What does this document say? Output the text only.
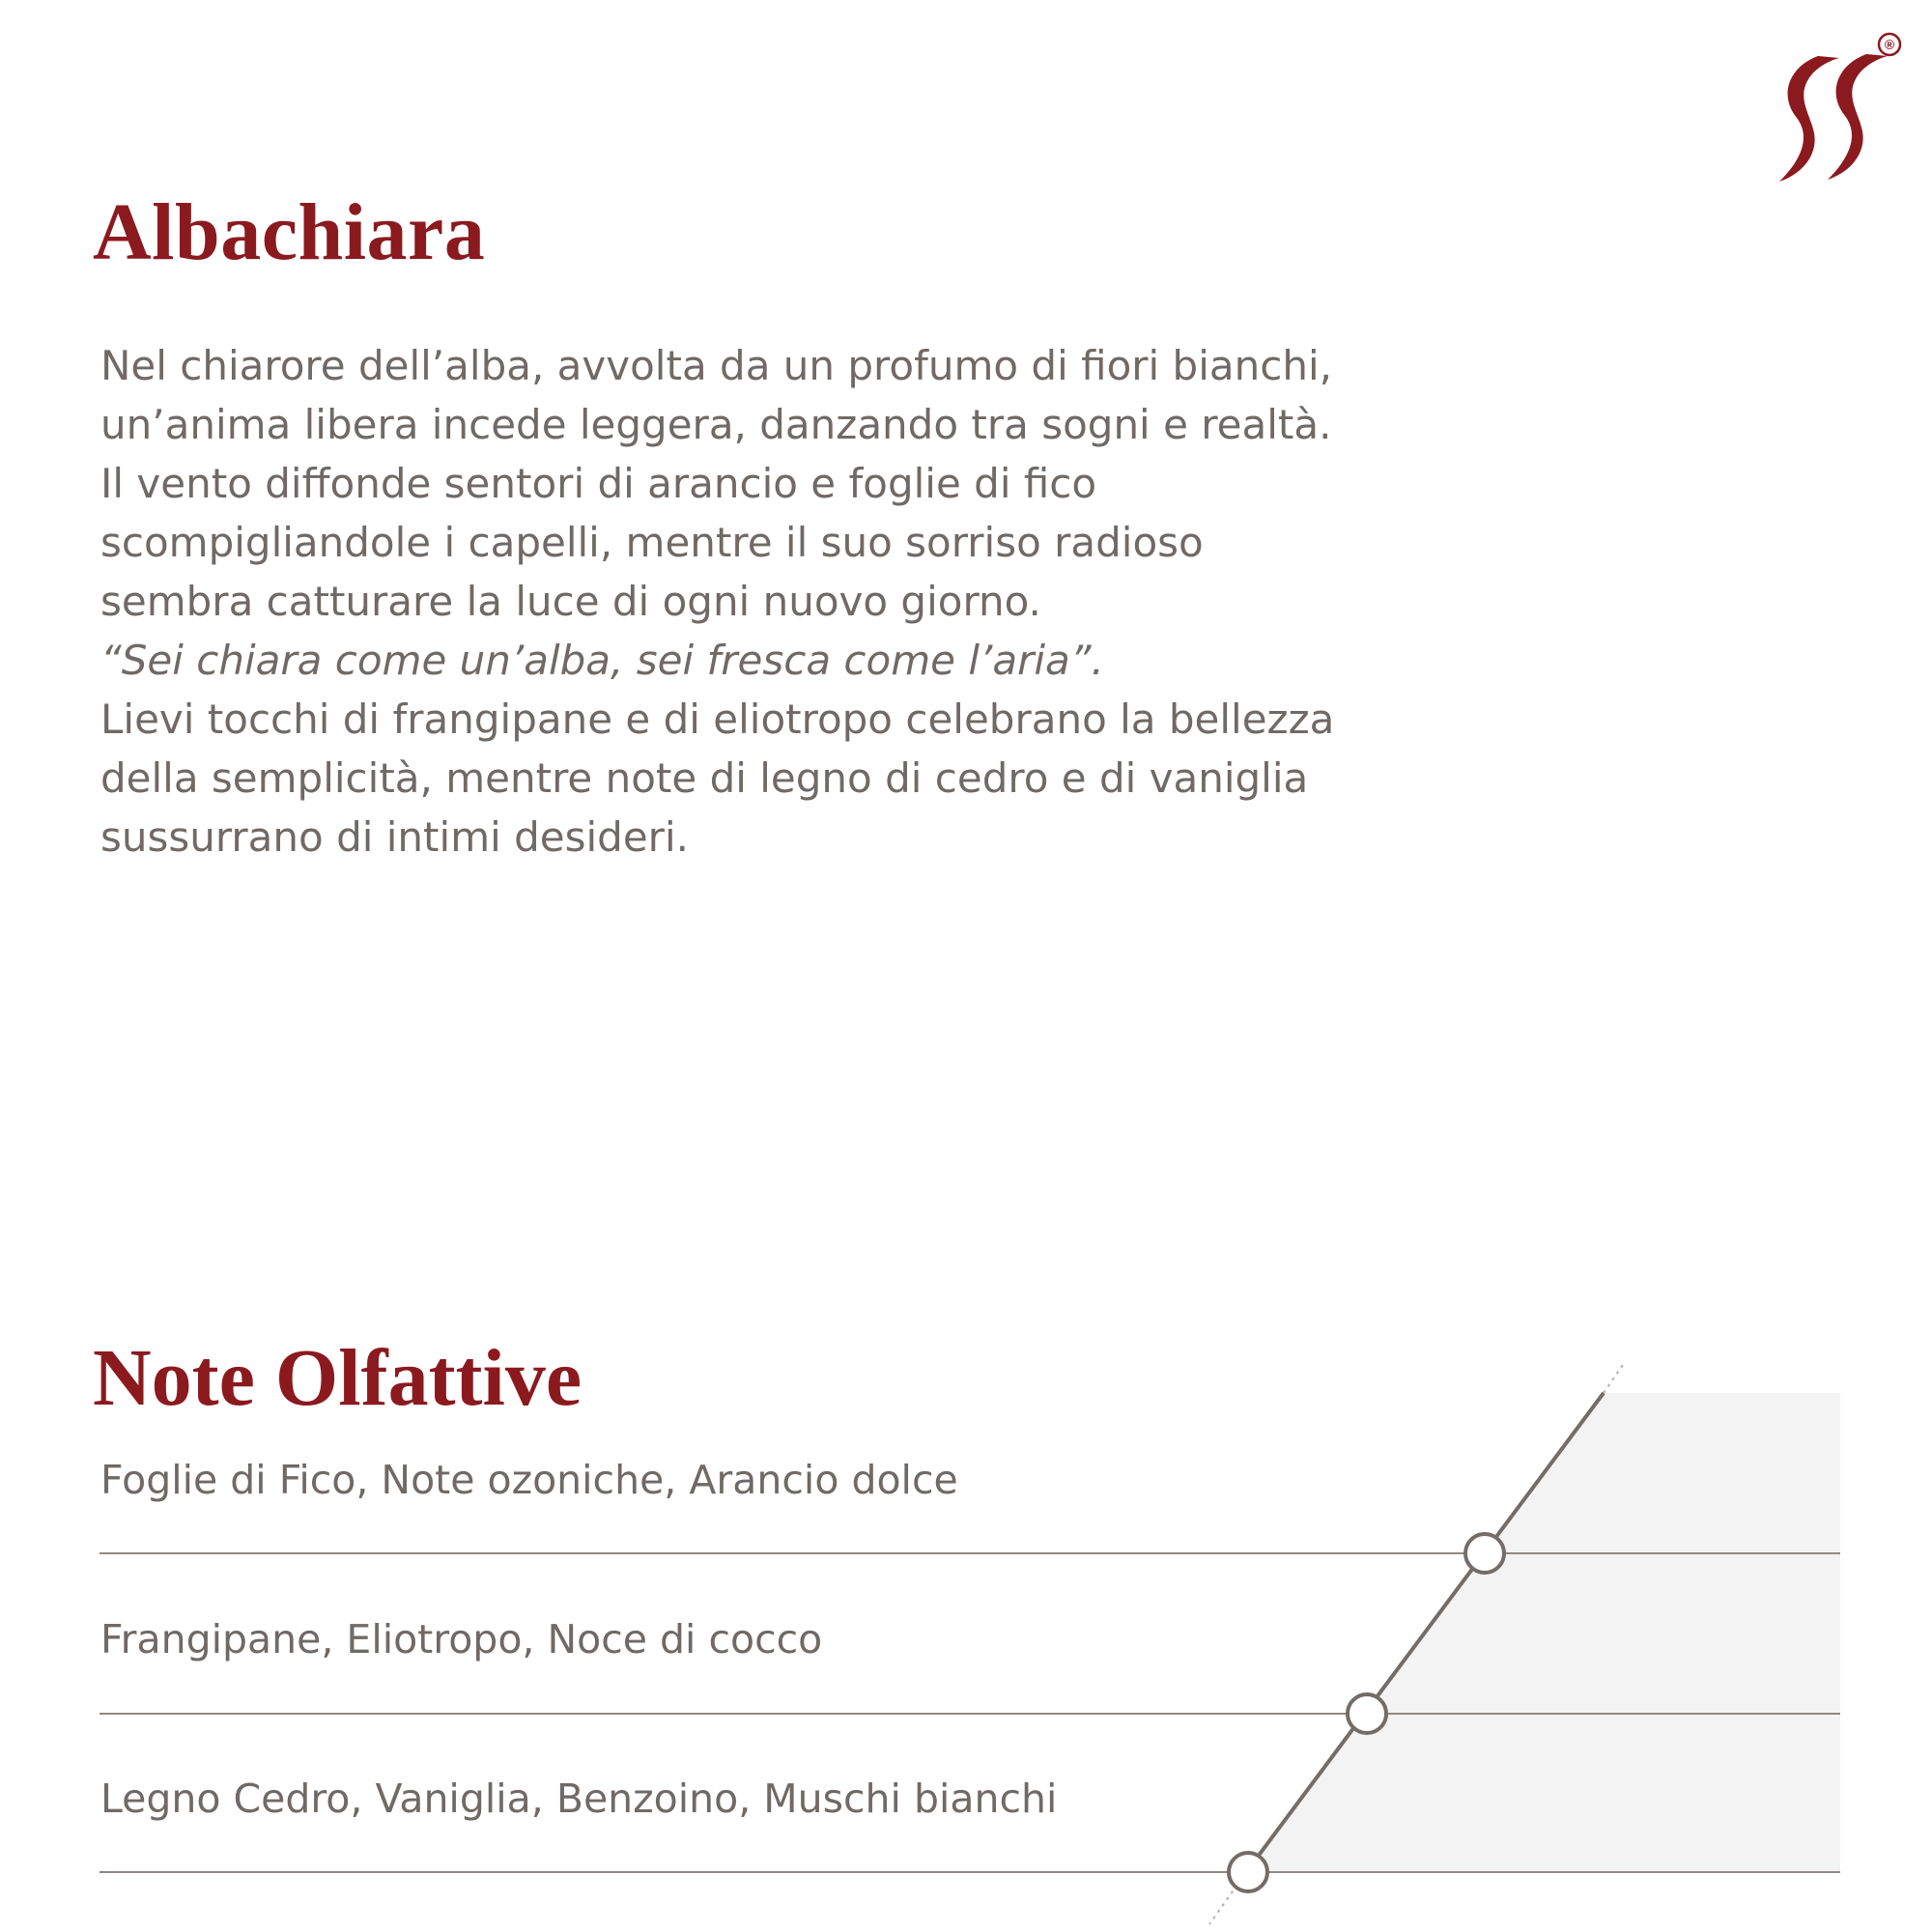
®
Albachiara
Nel chiarore dell’alba, avvolta da un profumo di fiori bianchi,
un’anima libera incede leggera, danzando tra sogni e realtà.
Il vento diffonde sentori di arancio e foglie di fico
scompigliandole i capelli, mentre il suo sorriso radioso
sembra catturare la luce di ogni nuovo giorno.
“Sei chiara come un’alba, sei fresca come l’aria”.
Lievi tocchi di frangipane e di eliotropo celebrano la bellezza
della semplicità, mentre note di legno di cedro e di vaniglia
sussurrano di intimi desideri.
Note Olfattive
Foglie di Fico, Note ozoniche, Arancio dolce
Frangipane, Eliotropo, Noce di cocco
Legno Cedro, Vaniglia, Benzoino, Muschi bianchi
